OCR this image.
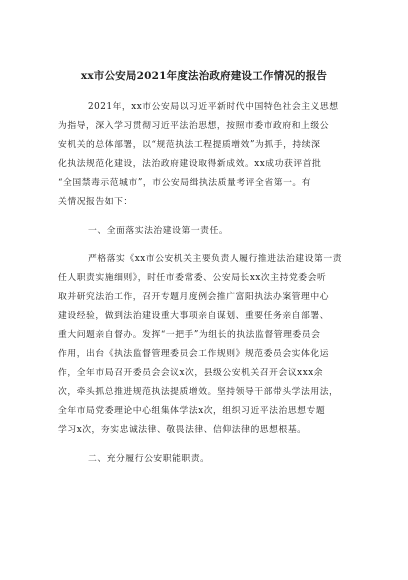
xx市公安局2021年度法治政府建设工作情况的报告
2021年，xx市公安局以习近平新时代中国特色社会主义思想
为指导，深入学习贯彻习近平法治思想，按照市委市政府和上级公
安机关的总体部署，以“规范执法工程提质增效”为抓手，持续深
化执法规范化建设，法治政府建设取得新成效。xx成功获评首批
“全国禁毒示范城市”，市公安局缉执法质量考评全省第一。有
关情况报告如下：
一、全面落实法治建设第一责任。
严格落实《xx市公安机关主要负责人履行推进法治建设第一责
任人职责实施细则》，时任市委常委、公安局长xx次主持党委会听
取并研究法治工作，召开专题月度例会推广富阳执法办案管理中心
建设经验，做到法治建设重大事项亲自谋划、重要任务亲自部署、
重大问题亲自督办。发挥“一把手”为组长的执法监督管理委员会
作用，出台《执法监督管理委员会工作规则》规范委员会实体化运
作，全年市局召开委员会会议x次，县级公安机关召开会议xxx余
次，牵头抓总推进规范执法提质增效。坚持领导干部带头学法用法，
全年市局党委理论中心组集体学法x次，组织习近平法治思想专题
学习x次，夯实忠诚法律、敬畏法律、信仰法律的思想根基。
二、充分履行公安职能职责。
